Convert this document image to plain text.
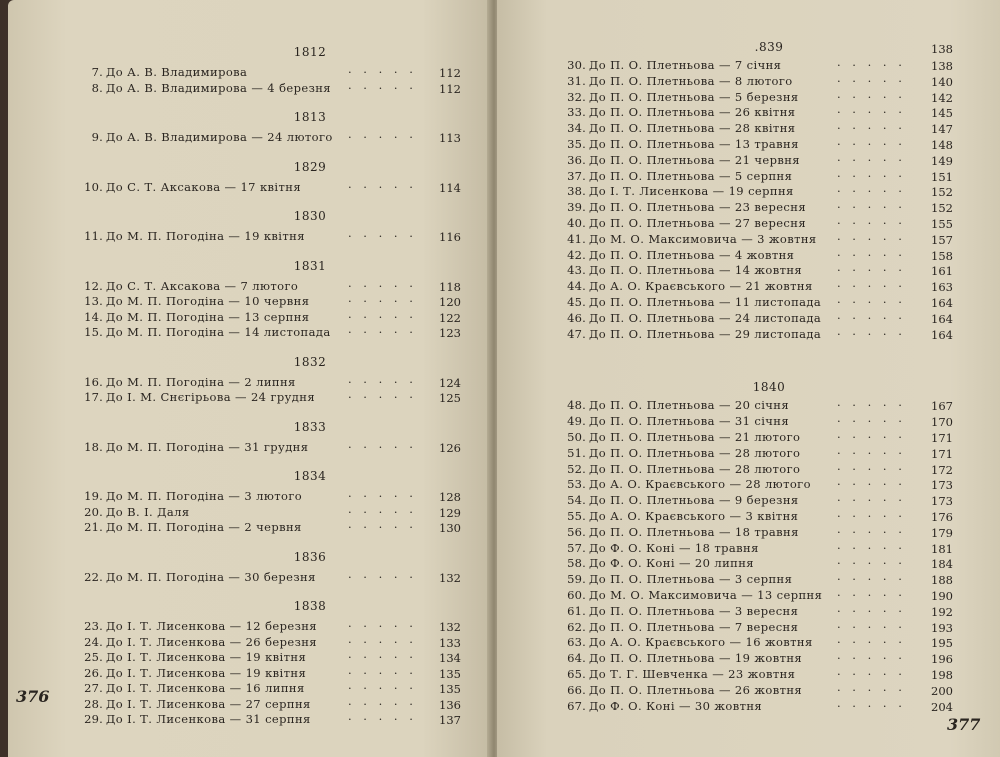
1812
7. До А. В. Владимирова	· · · · ·	112
8. До А. В. Владимирова — 4 березня · · · · ·	112
1813
9. До А. В. Владимирова — 24 лютого · · · · ·	113
1829
10. До С. Т. Аксакова — 17 квітня	· · · · ·	114
1830
11. До М. П. Погодіна — 19 квітня	· · · · ·	116
1831
12. До С. Т. Аксакова — 7 лютого	· · · · ·	118
13. До М. П. Погодіна — 10 червня	· · · · ·	120
14. До М. П. Погодіна — 13 серпня	· · · · ·	122
15. До М. П. Погодіна — 14 листопада · · · · ·	123
1832
16. До М. П. Погодіна — 2 липня	· · · · ·	124
17. До І. М. Снєгірьова — 24 грудня	· · · · ·	125
1833
18. До М. П. Погодіна — 31 грудня	· · · · ·	126
1834
19. До М. П. Погодіна — 3 лютого	· · · · ·	128
20. До В. І. Даля	· · · · ·	129
21. До М. П. Погодіна — 2 червня	· · · · ·	130
1836
22. До М. П. Погодіна — 30 березня	· · · · ·	132
1838
23. До І. Т. Лисенкова — 12 березня	· · · · ·	132
24. До І. Т. Лисенкова — 26 березня	· · · · ·	133
25. До І. Т. Лисенкова — 19 квітня	· · · · ·	134
26. До І. Т. Лисенкова — 19 квітня	· · · · ·	135
27. До І. Т. Лисенкова — 16 липня	· · · · ·	135
28. До І. Т. Лисенкова — 27 серпня	· · · · ·	136
29. До І. Т. Лисенкова — 31 серпня	· · · · ·	137
376
.839	138
30. До П. О. Плетньова — 7 січня	· · · · ·	138
31. До П. О. Плетньова — 8 лютого	· · · · ·	140
32. До П. О. Плетньова — 5 березня	· · · · ·	142
33. До П. О. Плетньова — 26 квітня	· · · · ·	145
34. До П. О. Плетньова — 28 квітня	· · · · ·	147
35. До П. О. Плетньова — 13 травня	· · · · ·	148
36. До П. О. Плетньова — 21 червня	· · · · ·	149
37. До П. О. Плетньова — 5 серпня	· · · · ·	151
38. До І. Т. Лисенкова — 19 серпня	· · · · ·	152
39. До П. О. Плетньова — 23 вересня	· · · · ·	152
40. До П. О. Плетньова — 27 вересня	· · · · ·	155
41. До М. О. Максимовича — 3 жовтня · · · · ·	157
42. До П. О. Плетньова — 4 жовтня	· · · · ·	158
43. До П. О. Плетньова — 14 жовтня	· · · · ·	161
44. До А. О. Краєвського — 21 жовтня · · · · ·	163
45. До П. О. Плетньова — 11 листопада · · · · ·	164
46. До П. О. Плетньова — 24 листопада · · · · ·	164
47. До П. О. Плетньова — 29 листопада · · · · ·	164
1840
48. До П. О. Плетньова — 20 січня	· · · · ·	167
49. До П. О. Плетньова — 31 січня	· · · · ·	170
50. До П. О. Плетньова — 21 лютого	· · · · ·	171
51. До П. О. Плетньова — 28 лютого	· · · · ·	171
52. До П. О. Плетньова — 28 лютого	· · · · ·	172
53. До А. О. Краєвського — 28 лютого · · · · ·	173
54. До П. О. Плетньова — 9 березня	· · · · ·	173
55. До А. О. Краєвського — 3 квітня	· · · · ·	176
56. До П. О. Плетньова — 18 травня	· · · · ·	179
57. До Ф. О. Коні — 18 травня	· · · · ·	181
58. До Ф. О. Коні — 20 липня	· · · · ·	184
59. До П. О. Плетньова — 3 серпня	· · · · ·	188
60. До М. О. Максимовича — 13 серпня · · · · ·	190
61. До П. О. Плетньова — 3 вересня	· · · · ·	192
62. До П. О. Плетньова — 7 вересня	· · · · ·	193
63. До А. О. Краєвського — 16 жовтня · · · · ·	195
64. До П. О. Плетньова — 19 жовтня	· · · · ·	196
65. До Т. Г. Шевченка — 23 жовтня	· · · · ·	198
66. До П. О. Плетньова — 26 жовтня	· · · · ·	200
67. До Ф. О. Коні — 30 жовтня	· · · · ·	204
377
